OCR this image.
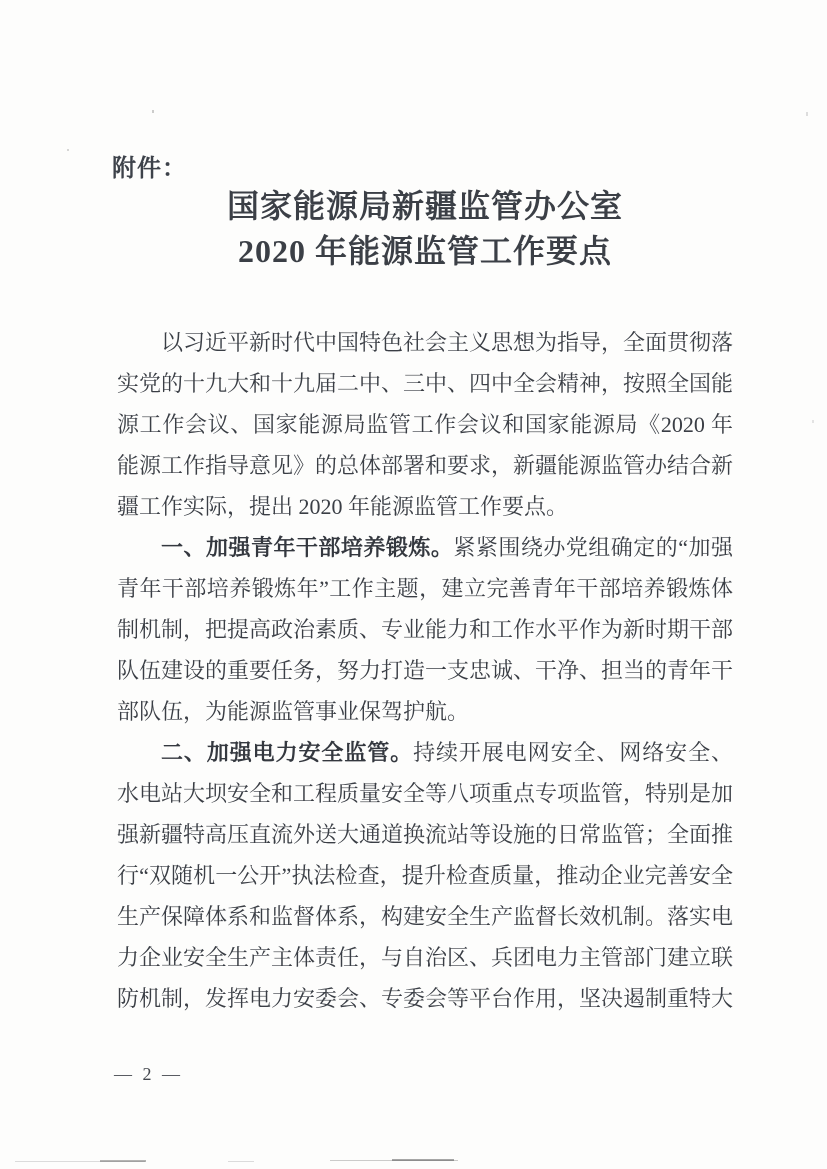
附件：
国家能源局新疆监管办公室
2020 年能源监管工作要点

以习近平新时代中国特色社会主义思想为指导，全面贯彻落实党的十九大和十九届二中、三中、四中全会精神，按照全国能源工作会议、国家能源局监管工作会议和国家能源局《2020 年能源工作指导意见》的总体部署和要求，新疆能源监管办结合新疆工作实际，提出 2020 年能源监管工作要点。

一、加强青年干部培养锻炼。紧紧围绕办党组确定的“加强青年干部培养锻炼年”工作主题，建立完善青年干部培养锻炼体制机制，把提高政治素质、专业能力和工作水平作为新时期干部队伍建设的重要任务，努力打造一支忠诚、干净、担当的青年干部队伍，为能源监管事业保驾护航。

二、加强电力安全监管。持续开展电网安全、网络安全、水电站大坝安全和工程质量安全等八项重点专项监管，特别是加强新疆特高压直流外送大通道换流站等设施的日常监管；全面推行“双随机一公开”执法检查，提升检查质量，推动企业完善安全生产保障体系和监督体系，构建安全生产监督长效机制。落实电力企业安全生产主体责任，与自治区、兵团电力主管部门建立联防机制，发挥电力安委会、专委会等平台作用，坚决遏制重特大

— 2 —
